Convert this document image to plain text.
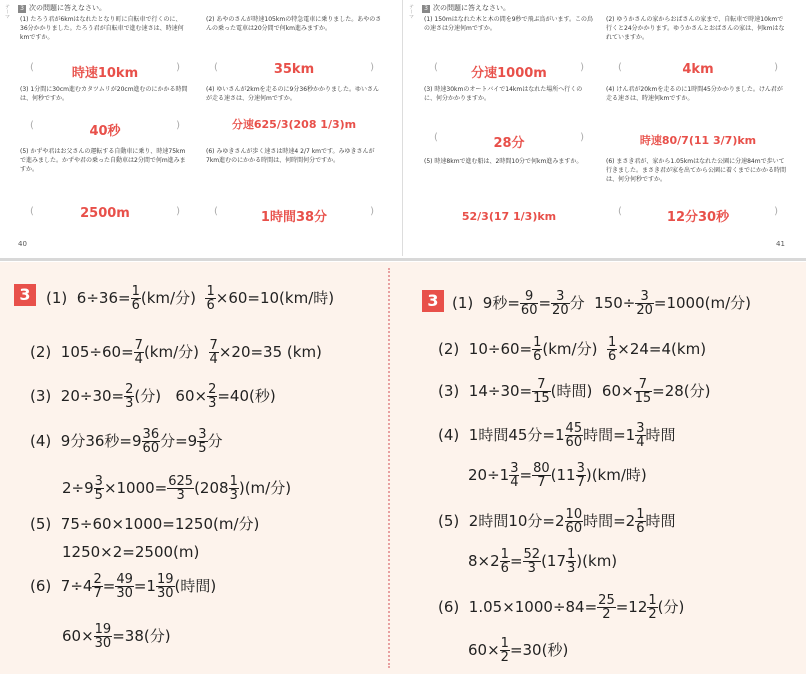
3 次の問題に答えなさい。
テーマ
(1) たろう君が6kmはなれたとなり町に自転車で行くのに、36分かかりました。たろう君が自転車で進む速さは、時速何kmですか。
(2) あやのさんが時速105kmの特急電車に乗りました。あやのさんの乗った電車は20分間で何km進みますか。
(	)
時速10km	(	)
35km
(3) 1分間に30cm進むカタツムリが20cm進むのにかかる時間は、何秒ですか。
(4) ゆいさんが2kmを走るのに9分36秒かかりました。ゆいさんが走る速さは、分速何mですか。
(	)
40秒	分速625/3(208 1/3)m
(5) かずや君はお父さんの運転する自動車に乗り、時速75kmで進みました。かずや君の乗った自動車は2分間で何m進みますか。
(6) みゆきさんが歩く速さは時速4 2/7 kmです。みゆきさんが7km進むのにかかる時間は、何時間何分ですか。
(	)
2500m	(	)
1時間38分
40
3 次の問題に答えなさい。
テーマ
(1) 150mはなれた木と木の間を9秒で飛ぶ鳥がいます。この鳥の速さは分速何mですか。
(2) ゆうかさんの家からおばさんの家まで、自転車で時速10kmで行くと24分かかります。ゆうかさんとおばさんの家は、何kmはなれていますか。
(	)
分速1000m	(	)
4km
(3) 時速30kmのオートバイで14kmはなれた場所へ行くのに、何分かかりますか。
(4) けん君が20kmを走るのに1時間45分かかりました。けん君が走る速さは、時速何kmですか。
(	)
28分	時速80/7(11 3/7)km
(5) 時速8kmで進む船は、2時間10分で何km進みますか。	(6) まさき君が、家から1.05kmはなれた公園に分速84mで歩いて行きました。まさき君が家を出てから公園に着くまでにかかる時間は、何分何秒ですか。
52/3(17 1/3)km	(	)
12分30秒
41
3	(1) $6\div 36= \frac{1}{6} (km/$分) $\frac{1}{6} \times 60=10(km/$時)
(2) $105\div 60= \frac{7}{4} (km/$分) $\frac{7}{4} \times 20=35$ (km)
(3) $20\div 30= \frac{2}{3}$ (分) $60\times \frac{2}{3} =40$(秒)
(4) 9分36秒$=9 \frac{36}{60}$ 分$=9 \frac{3}{5}$ 分
$2\div 9 \frac{3}{5} \times 1000= \frac{625}{3} (208 \frac{1}{3} )(m/$分)
(5) 75÷60×1000=1250(m/分)
1250×2=2500(m)
(6) $7\div 4 \frac{2}{7} = \frac{49}{30} =1 \frac{19}{30}$ (時間)
$60\times \frac{19}{30} =38$(分)
3 (1) 9秒= $\frac{9}{60} = \frac{3}{20}$ 分 $150\div \frac{3}{20} =1000(m/$分)
(2) $10\div 60= \frac{1}{6} (km/$分) $\frac{1}{6} \times 24=4(km)$
(3) $14\div 30= \frac{7}{15}$ (時間) $60\times \frac{7}{15} =28$(分)
(4) 1時間45分$=1 \frac{45}{60}$ 時間$=1 \frac{3}{4}$ 時間
$20\div 1 \frac{3}{4} = \frac{80}{7} (11 \frac{3}{7} )(km/$時)
(5) 2時間10分$=2 \frac{10}{60}$ 時間$=2 \frac{1}{6}$ 時間
$8\times 2 \frac{1}{6} = \frac{52}{3} (17 \frac{1}{3} )(km)$
(6) $1.05\times 1000\div 84= \frac{25}{2} =12 \frac{1}{2}$ (分)
$60\times \frac{1}{2} =30$(秒)
